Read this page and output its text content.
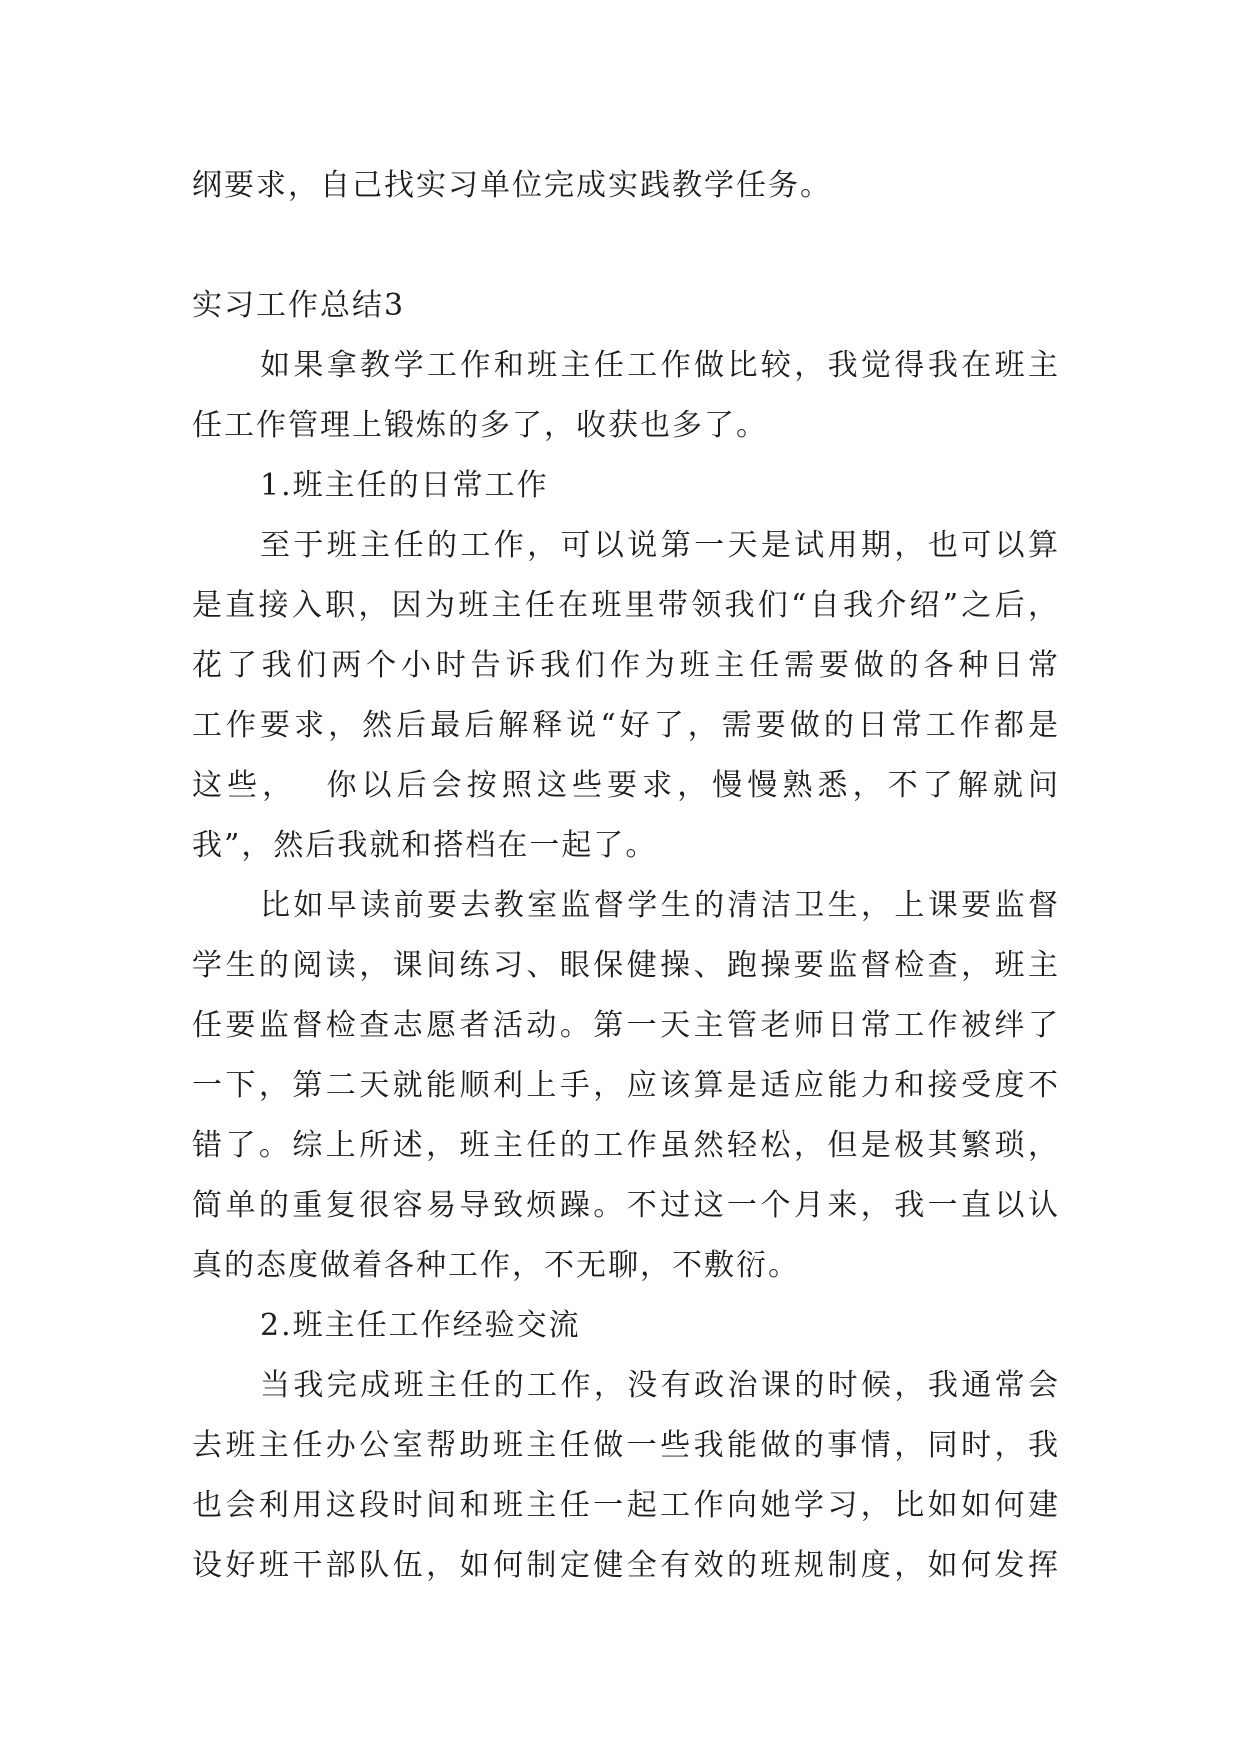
纲要求，自己找实习单位完成实践教学任务。
实习工作总结3
如果拿教学工作和班主任工作做比较，我觉得我在班主
任工作管理上锻炼的多了，收获也多了。
1.班主任的日常工作
至于班主任的工作，可以说第一天是试用期，也可以算
是直接入职，因为班主任在班里带领我们“自我介绍”之后，
花了我们两个小时告诉我们作为班主任需要做的各种日常
工作要求，然后最后解释说“好了，需要做的日常工作都是
这些，  你以后会按照这些要求，慢慢熟悉，不了解就问
我”，然后我就和搭档在一起了。
比如早读前要去教室监督学生的清洁卫生，上课要监督
学生的阅读，课间练习、眼保健操、跑操要监督检查，班主
任要监督检查志愿者活动。第一天主管老师日常工作被绊了
一下，第二天就能顺利上手，应该算是适应能力和接受度不
错了。综上所述，班主任的工作虽然轻松，但是极其繁琐，
简单的重复很容易导致烦躁。不过这一个月来，我一直以认
真的态度做着各种工作，不无聊，不敷衍。
2.班主任工作经验交流
当我完成班主任的工作，没有政治课的时候，我通常会
去班主任办公室帮助班主任做一些我能做的事情，同时，我
也会利用这段时间和班主任一起工作向她学习，比如如何建
设好班干部队伍，如何制定健全有效的班规制度，如何发挥
